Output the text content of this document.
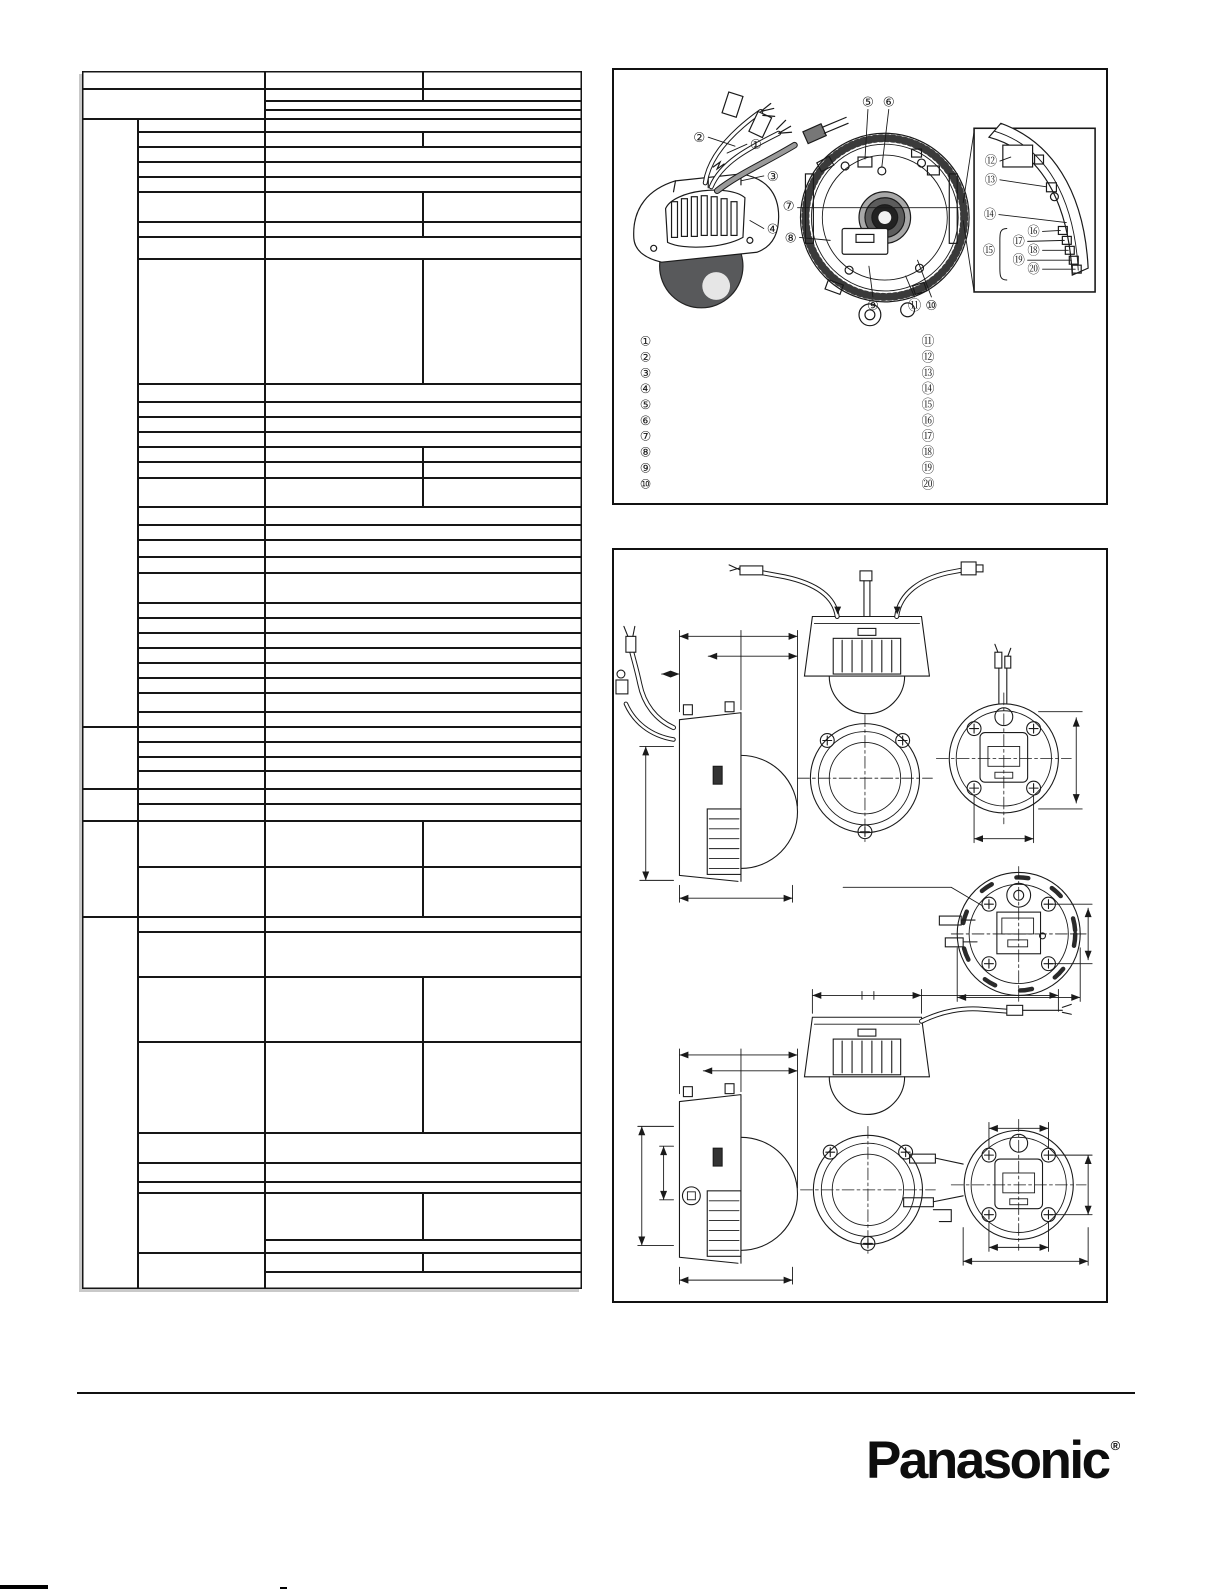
①
②
③
④
⑤ ⑥
⑦
⑧
⑨	⑩
⑪
⑫
⑬
⑭
⑮
⑯
⑰
⑱
⑲
⑳
①
②
③
④
⑤
⑥
⑦
⑧
⑨
⑩
⑪
⑫
⑬
⑭
⑮
⑯
⑰
⑱
⑲
⑳
Panasonic ®
